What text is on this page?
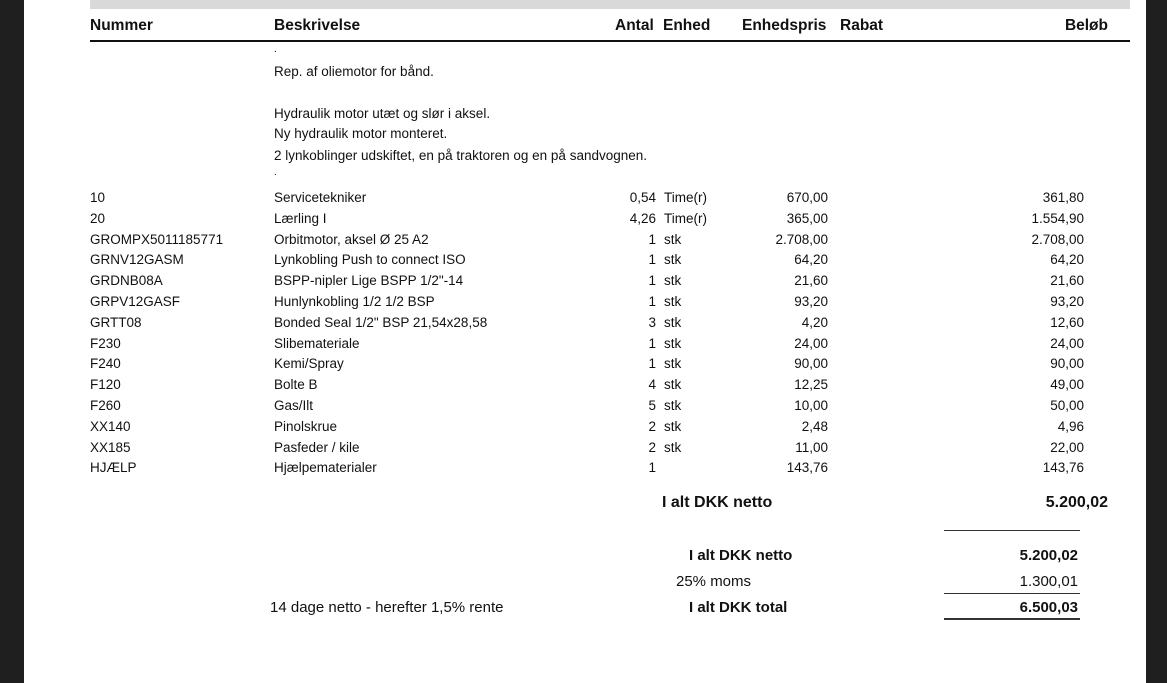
Nummer	Beskrivelse	Antal Enhed Enhedspris Rabat	Beløb
.
Rep. af oliemotor for bånd.
Hydraulik motor utæt og slør i aksel.
Ny hydraulik motor monteret.
2 lynkoblinger udskiftet, en på traktoren og en på sandvognen.
.
10	Servicetekniker	0,54 Time(r)	670,00	361,80
20	Lærling I	4,26 Time(r)	365,00	1.554,90
GROMPX5011185771	Orbitmotor, aksel Ø 25 A2	1 stk	2.708,00	2.708,00
GRNV12GASM	Lynkobling Push to connect ISO	1 stk	64,20	64,20
GRDNB08A	BSPP-nipler Lige BSPP 1/2"-14	1 stk	21,60	21,60
GRPV12GASF	Hunlynkobling 1/2 1/2 BSP	1 stk	93,20	93,20
GRTT08	Bonded Seal 1/2" BSP 21,54x28,58	3 stk	4,20	12,60
F230	Slibemateriale	1 stk	24,00	24,00
F240	Kemi/Spray	1 stk	90,00	90,00
F120	Bolte B	4 stk	12,25	49,00
F260	Gas/Ilt	5 stk	10,00	50,00
XX140	Pinolskrue	2 stk	2,48	4,96
XX185	Pasfeder / kile	2 stk	11,00	22,00
HJÆLP	Hjælpematerialer	1	143,76	143,76
I alt DKK netto	5.200,02
I alt DKK netto	5.200,02
25% moms	1.300,01
14 dage netto - herefter 1,5% rente	I alt DKK total	6.500,03
